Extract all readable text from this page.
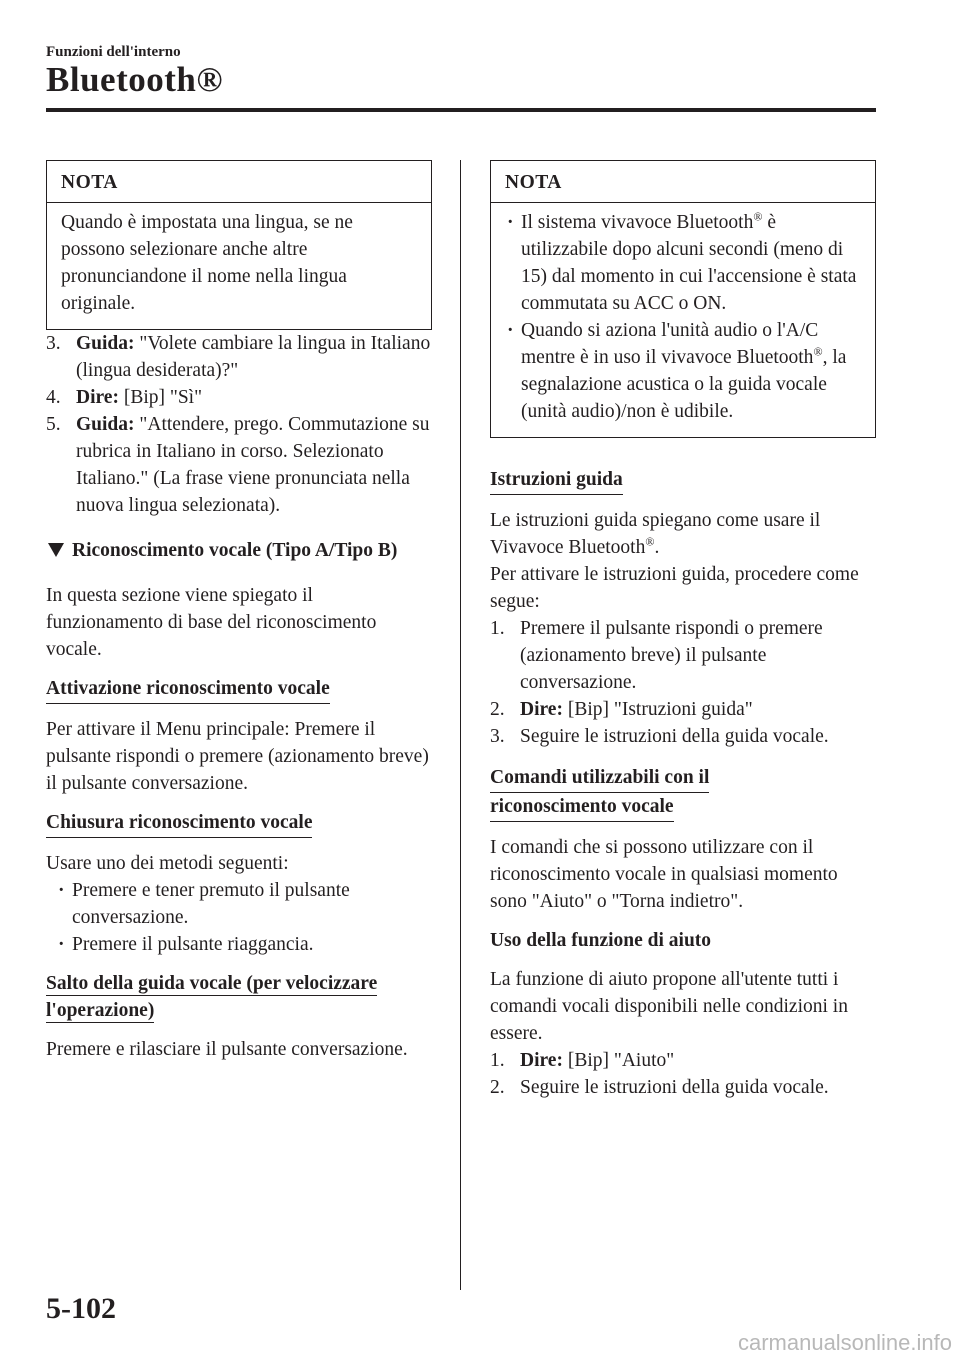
Funzioni dell'interno
Bluetooth®
NOTA

Quando è impostata una lingua, se ne possono selezionare anche altre pronunciandone il nome nella lingua originale.

3. Guida: "Volete cambiare la lingua in Italiano (lingua desiderata)?"
4. Dire: [Bip] "Sì"
5. Guida: "Attendere, prego. Commutazione su rubrica in Italiano in corso. Selezionato Italiano." (La frase viene pronunciata nella nuova lingua selezionata).
Riconoscimento vocale (Tipo A/Tipo B)

In questa sezione viene spiegato il funzionamento di base del riconoscimento vocale.

Attivazione riconoscimento vocale

Per attivare il Menu principale: Premere il pulsante rispondi o premere (azionamento breve) il pulsante conversazione.

Chiusura riconoscimento vocale

Usare uno dei metodi seguenti:

· Premere e tener premuto il pulsante conversazione.
· Premere il pulsante riaggancia.
Salto della guida vocale (per velocizzare l'operazione)

Premere e rilasciare il pulsante conversazione.

NOTA
· Il sistema vivavoce Bluetooth® è utilizzabile dopo alcuni secondi (meno di 15) dal momento in cui l'accensione è stata commutata su ACC o ON.
· Quando si aziona l'unità audio o l'A/C mentre è in uso il vivavoce Bluetooth®, la segnalazione acustica o la guida vocale (unità audio)/non è udibile.
Istruzioni guida

Le istruzioni guida spiegano come usare il Vivavoce Bluetooth®.

Per attivare le istruzioni guida, procedere come segue:

1. Premere il pulsante rispondi o premere (azionamento breve) il pulsante conversazione.
2. Dire: [Bip] "Istruzioni guida"
3. Seguire le istruzioni della guida vocale.
Comandi utilizzabili con il
riconoscimento vocale

I comandi che si possono utilizzare con il riconoscimento vocale in qualsiasi momento sono "Aiuto" o "Torna indietro".

Uso della funzione di aiuto

La funzione di aiuto propone all'utente tutti i comandi vocali disponibili nelle condizioni in essere.

1. Dire: [Bip] "Aiuto"
2. Seguire le istruzioni della guida vocale.
5-102
carmanualsonline.info
